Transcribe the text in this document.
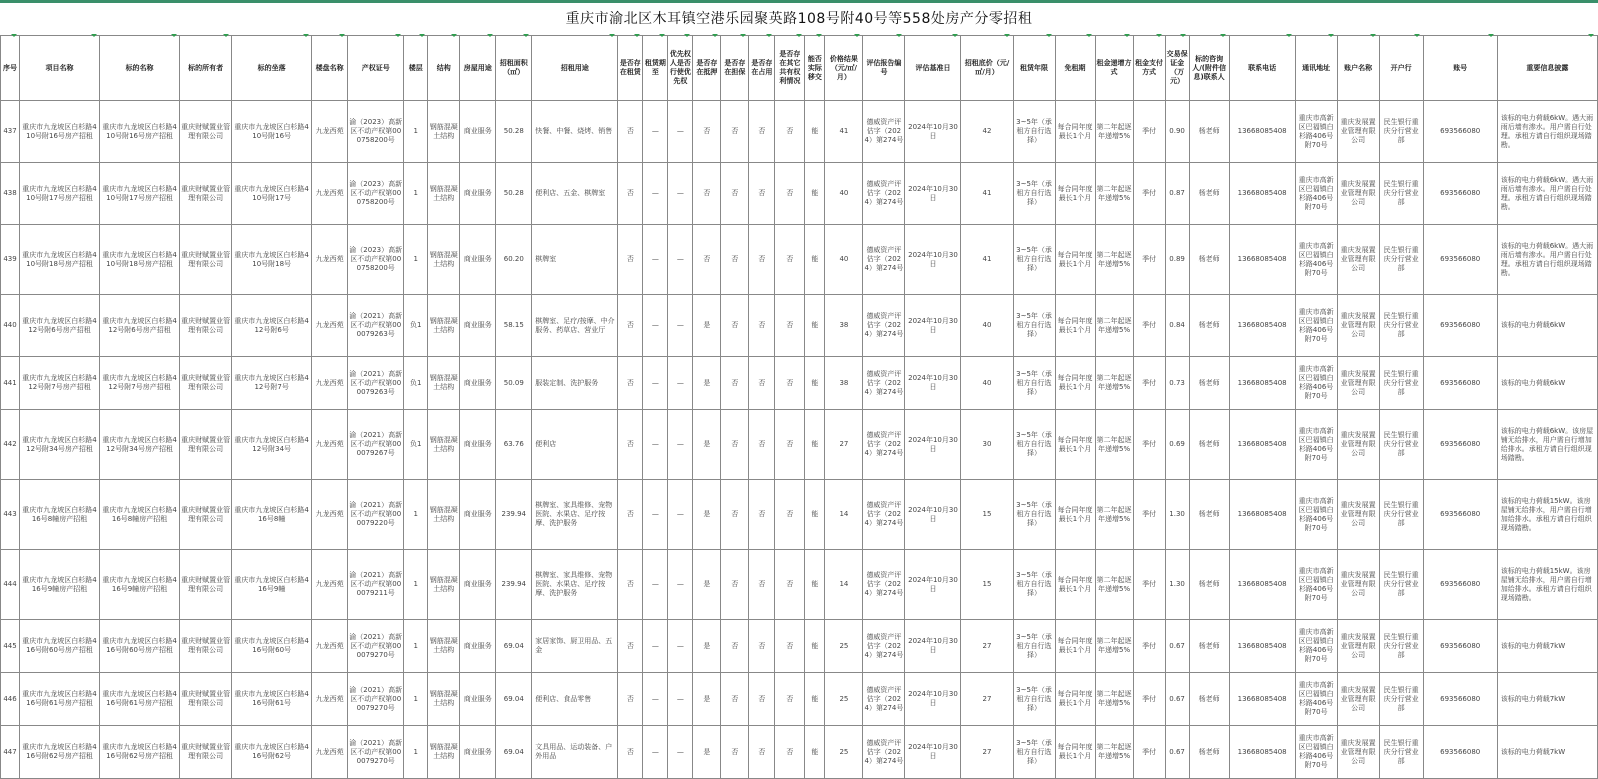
重庆市渝北区木耳镇空港乐园聚英路108号附40号等558处房产分零招租
序号	项目名称	标的名称	标的所有者	标的坐落	楼盘名称	产权证号	楼层	结构	房屋用途	招租面积（㎡）	招租用途	是否存在租赁	租赁期至	优先权人是否行使优先权	是否存在抵押	是否存在担保	是否存在占用	是否存在其它共有权利情况	能否实际移交	价格结果（元/㎡/月）	评估报告编号	评估基准日	招租底价（元/㎡/月）	租赁年限	免租期	租金递增方式	租金支付方式	交易保证金（万元）	标的咨询人/(附件信息)联系人	联系电话	通讯地址	账户名称	开户行	账号	重要信息披露
437	重庆市九龙坡区白杉路410号附16号房产招租	重庆市九龙坡区白杉路410号附16号房产招租	重庆财赋置业管理有限公司	重庆市九龙坡区白杉路410号附16号	九龙西苑	渝（2023）高新区不动产权第000758200号	1	钢筋混凝土结构	商业服务	50.28	快餐、中餐、烧烤、销售	否	—	—	否	否	否	否	能	41	德威资产评估字（2024）第274号	2024年10月30日	42	3~5年（承租方自行选择）	每合同年度最长1个月	第二年起逐年递增5%	季付	0.90	杨老师	13668085408	重庆市高新区巴福镇白杉路406号附70号	重庆发展置业管理有限公司	民生银行重庆分行营业部	693566080	该标的电力荷载6kW。遇大雨雨后墙有渗水。用户需自行处理。承租方请自行组织现场踏勘。
438	重庆市九龙坡区白杉路410号附17号房产招租	重庆市九龙坡区白杉路410号附17号房产招租	重庆财赋置业管理有限公司	重庆市九龙坡区白杉路410号附17号	九龙西苑	渝（2023）高新区不动产权第000758200号	1	钢筋混凝土结构	商业服务	50.28	便利店、五金、棋牌室	否	—	—	否	否	否	否	能	40	德威资产评估字（2024）第274号	2024年10月30日	41	3~5年（承租方自行选择）	每合同年度最长1个月	第二年起逐年递增5%	季付	0.87	杨老师	13668085408	重庆市高新区巴福镇白杉路406号附70号	重庆发展置业管理有限公司	民生银行重庆分行营业部	693566080	该标的电力荷载6kW。遇大雨雨后墙有渗水。用户需自行处理。承租方请自行组织现场踏勘。
439	重庆市九龙坡区白杉路410号附18号房产招租	重庆市九龙坡区白杉路410号附18号房产招租	重庆财赋置业管理有限公司	重庆市九龙坡区白杉路410号附18号	九龙西苑	渝（2023）高新区不动产权第000758200号	1	钢筋混凝土结构	商业服务	60.20	棋牌室	否	—	—	否	否	否	否	能	40	德威资产评估字（2024）第274号	2024年10月30日	41	3~5年（承租方自行选择）	每合同年度最长1个月	第二年起逐年递增5%	季付	0.89	杨老师	13668085408	重庆市高新区巴福镇白杉路406号附70号	重庆发展置业管理有限公司	民生银行重庆分行营业部	693566080	该标的电力荷载6kW。遇大雨雨后墙有渗水。用户需自行处理。承租方请自行组织现场踏勘。
440	重庆市九龙坡区白杉路412号附6号房产招租	重庆市九龙坡区白杉路412号附6号房产招租	重庆财赋置业管理有限公司	重庆市九龙坡区白杉路412号附6号	九龙西苑	渝（2021）高新区不动产权第000079263号	负1	钢筋混凝土结构	商业服务	58.15	棋牌室、足疗/按摩、中介服务、药草店、营业厅	否	—	—	是	否	否	否	能	38	德威资产评估字（2024）第274号	2024年10月30日	40	3~5年（承租方自行选择）	每合同年度最长1个月	第二年起逐年递增5%	季付	0.84	杨老师	13668085408	重庆市高新区巴福镇白杉路406号附70号	重庆发展置业管理有限公司	民生银行重庆分行营业部	693566080	该标的电力荷载6kW
441	重庆市九龙坡区白杉路412号附7号房产招租	重庆市九龙坡区白杉路412号附7号房产招租	重庆财赋置业管理有限公司	重庆市九龙坡区白杉路412号附7号	九龙西苑	渝（2021）高新区不动产权第000079263号	负1	钢筋混凝土结构	商业服务	50.09	服装定制、洗护服务	否	—	—	是	否	否	否	能	38	德威资产评估字（2024）第274号	2024年10月30日	40	3~5年（承租方自行选择）	每合同年度最长1个月	第二年起逐年递增5%	季付	0.73	杨老师	13668085408	重庆市高新区巴福镇白杉路406号附70号	重庆发展置业管理有限公司	民生银行重庆分行营业部	693566080	该标的电力荷载6kW
442	重庆市九龙坡区白杉路412号附34号房产招租	重庆市九龙坡区白杉路412号附34号房产招租	重庆财赋置业管理有限公司	重庆市九龙坡区白杉路412号附34号	九龙西苑	渝（2021）高新区不动产权第000079267号	负1	钢筋混凝土结构	商业服务	63.76	便利店	否	—	—	是	否	否	否	能	27	德威资产评估字（2024）第274号	2024年10月30日	30	3~5年（承租方自行选择）	每合同年度最长1个月	第二年起逐年递增5%	季付	0.69	杨老师	13668085408	重庆市高新区巴福镇白杉路406号附70号	重庆发展置业管理有限公司	民生银行重庆分行营业部	693566080	该标的电力荷载6kW。该房屋铺无给排水，用户需自行增加给排水。承租方请自行组织现场踏勘。
443	重庆市九龙坡区白杉路416号8幢房产招租	重庆市九龙坡区白杉路416号8幢房产招租	重庆财赋置业管理有限公司	重庆市九龙坡区白杉路416号8幢	九龙西苑	渝（2021）高新区不动产权第000079220号	1	钢筋混凝土结构	商业服务	239.94	棋牌室、家具维修、宠物医院、水果店、足疗按摩、洗护服务	否	—	—	是	否	否	否	能	14	德威资产评估字（2024）第274号	2024年10月30日	15	3~5年（承租方自行选择）	每合同年度最长1个月	第二年起逐年递增5%	季付	1.30	杨老师	13668085408	重庆市高新区巴福镇白杉路406号附70号	重庆发展置业管理有限公司	民生银行重庆分行营业部	693566080	该标的电力荷载15kW。该房屋铺无给排水，用户需自行增加给排水。承租方请自行组织现场踏勘。
444	重庆市九龙坡区白杉路416号9幢房产招租	重庆市九龙坡区白杉路416号9幢房产招租	重庆财赋置业管理有限公司	重庆市九龙坡区白杉路416号9幢	九龙西苑	渝（2021）高新区不动产权第000079211号	1	钢筋混凝土结构	商业服务	239.94	棋牌室、家具维修、宠物医院、水果店、足疗按摩、洗护服务	否	—	—	是	否	否	否	能	14	德威资产评估字（2024）第274号	2024年10月30日	15	3~5年（承租方自行选择）	每合同年度最长1个月	第二年起逐年递增5%	季付	1.30	杨老师	13668085408	重庆市高新区巴福镇白杉路406号附70号	重庆发展置业管理有限公司	民生银行重庆分行营业部	693566080	该标的电力荷载15kW。该房屋铺无给排水，用户需自行增加给排水。承租方请自行组织现场踏勘。
445	重庆市九龙坡区白杉路416号附60号房产招租	重庆市九龙坡区白杉路416号附60号房产招租	重庆财赋置业管理有限公司	重庆市九龙坡区白杉路416号附60号	九龙西苑	渝（2021）高新区不动产权第000079270号	1	钢筋混凝土结构	商业服务	69.04	家居家饰、厨卫用品、五金	否	—	—	是	否	否	否	能	25	德威资产评估字（2024）第274号	2024年10月30日	27	3~5年（承租方自行选择）	每合同年度最长1个月	第二年起逐年递增5%	季付	0.67	杨老师	13668085408	重庆市高新区巴福镇白杉路406号附70号	重庆发展置业管理有限公司	民生银行重庆分行营业部	693566080	该标的电力荷载7kW
446	重庆市九龙坡区白杉路416号附61号房产招租	重庆市九龙坡区白杉路416号附61号房产招租	重庆财赋置业管理有限公司	重庆市九龙坡区白杉路416号附61号	九龙西苑	渝（2021）高新区不动产权第000079270号	1	钢筋混凝土结构	商业服务	69.04	便利店、食品零售	否	—	—	是	否	否	否	能	25	德威资产评估字（2024）第274号	2024年10月30日	27	3~5年（承租方自行选择）	每合同年度最长1个月	第二年起逐年递增5%	季付	0.67	杨老师	13668085408	重庆市高新区巴福镇白杉路406号附70号	重庆发展置业管理有限公司	民生银行重庆分行营业部	693566080	该标的电力荷载7kW
447	重庆市九龙坡区白杉路416号附62号房产招租	重庆市九龙坡区白杉路416号附62号房产招租	重庆财赋置业管理有限公司	重庆市九龙坡区白杉路416号附62号	九龙西苑	渝（2021）高新区不动产权第000079270号	1	钢筋混凝土结构	商业服务	69.04	文具用品、运动装备、户外用品	否	—	—	是	否	否	否	能	25	德威资产评估字（2024）第274号	2024年10月30日	27	3~5年（承租方自行选择）	每合同年度最长1个月	第二年起逐年递增5%	季付	0.67	杨老师	13668085408	重庆市高新区巴福镇白杉路406号附70号	重庆发展置业管理有限公司	民生银行重庆分行营业部	693566080	该标的电力荷载7kW
